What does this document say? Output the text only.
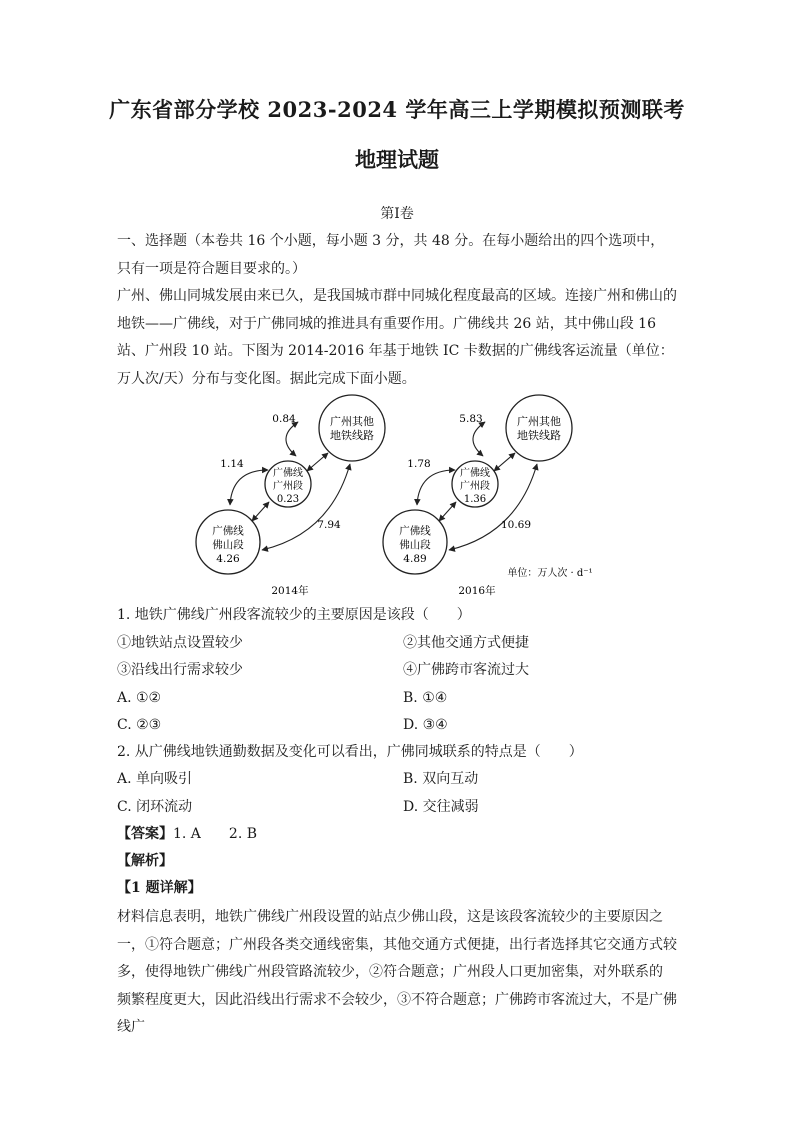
广东省部分学校 2023-2024 学年高三上学期模拟预测联考
地理试题
第Ⅰ卷
一、选择题（本卷共 16 个小题，每小题 3 分，共 48 分。在每小题给出的四个选项中，只有一项是符合题目要求的。）
广州、佛山同城发展由来已久，是我国城市群中同城化程度最高的区域。连接广州和佛山的地铁——广佛线，对于广佛同城的推进具有重要作用。广佛线共 26 站，其中佛山段 16 站、广州段 10 站。下图为 2014-2016 年基于地铁 IC 卡数据的广佛线客运流量（单位：万人次/天）分布与变化图。据此完成下面小题。
广州其他
地铁线路
广佛线
广州段
0.23
广佛线
佛山段
4.26
0.84
1.14
7.94
2014年
广州其他
地铁线路
广佛线
广州段
1.36
广佛线
佛山段
4.89
5.83
1.78
10.69
2016年
单位：万人次 · d⁻¹
1. 地铁广佛线广州段客流较少的主要原因是该段（　　）
①地铁站点设置较少	②其他交通方式便捷
③沿线出行需求较少	④广佛跨市客流过大
A. ①②	B. ①④
C. ②③	D. ③④
2. 从广佛线地铁通勤数据及变化可以看出，广佛同城联系的特点是（　　）
A. 单向吸引	B. 双向互动
C. 闭环流动	D. 交往减弱
【答案】1. A　　2. B
【解析】
【1 题详解】
材料信息表明，地铁广佛线广州段设置的站点少佛山段，这是该段客流较少的主要原因之一，①符合题意；广州段各类交通线密集，其他交通方式便捷，出行者选择其它交通方式较多，使得地铁广佛线广州段管路流较少，②符合题意；广州段人口更加密集，对外联系的 频繁程度更大，因此沿线出行需求不会较少，③不符合题意；广佛跨市客流过大，不是广佛线广
